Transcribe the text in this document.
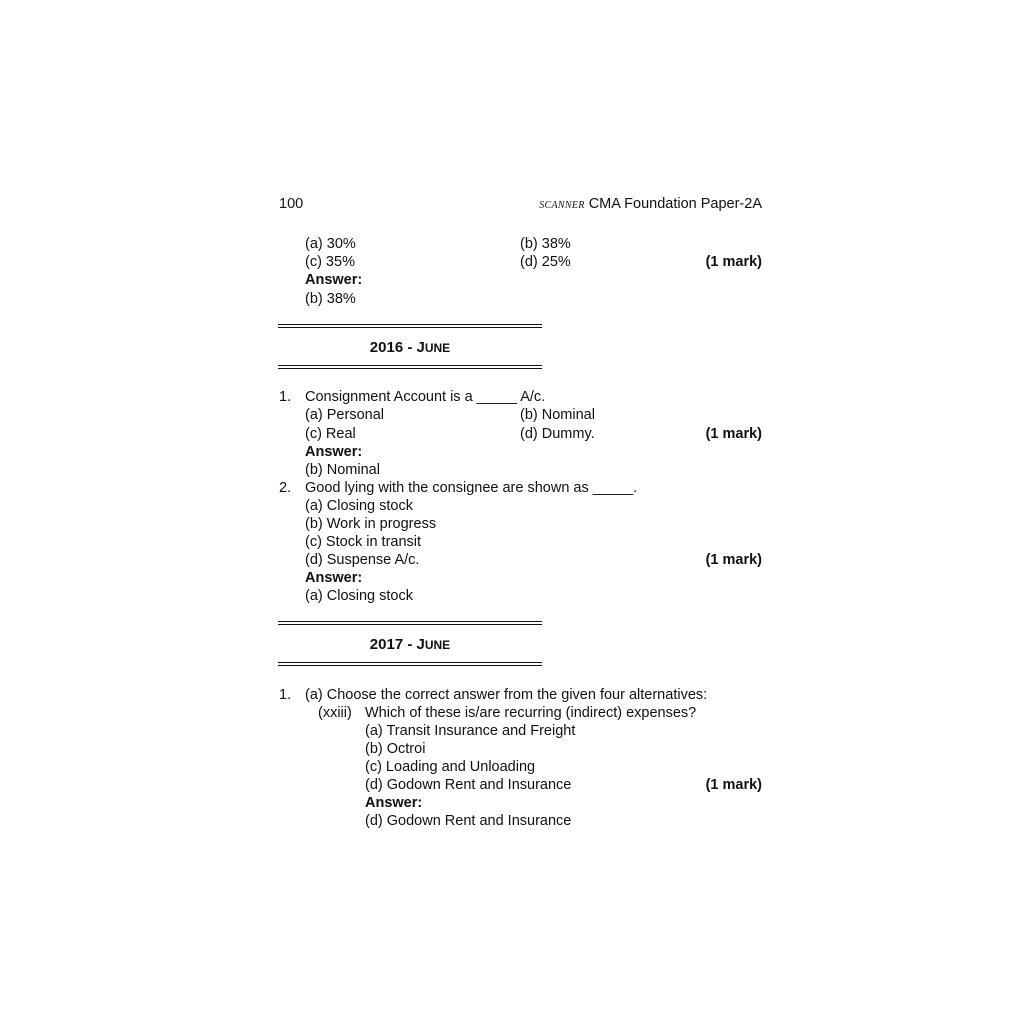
100	SCANNER CMA Foundation Paper-2A
(a) 30%	(b) 38%
(c) 35%	(d) 25%	(1 mark)
Answer:
(b) 38%
2016 - JUNE
1. Consignment Account is a _____ A/c.
(a) Personal	(b) Nominal
(c) Real	(d) Dummy.	(1 mark)
Answer:
(b) Nominal
2. Good lying with the consignee are shown as _____.
(a) Closing stock
(b) Work in progress
(c) Stock in transit
(d) Suspense A/c.	(1 mark)
Answer:
(a) Closing stock
2017 - JUNE
1. (a) Choose the correct answer from the given four alternatives:
(xxiii) Which of these is/are recurring (indirect) expenses?
(a) Transit Insurance and Freight
(b) Octroi
(c) Loading and Unloading
(d) Godown Rent and Insurance	(1 mark)
Answer:
(d) Godown Rent and Insurance
